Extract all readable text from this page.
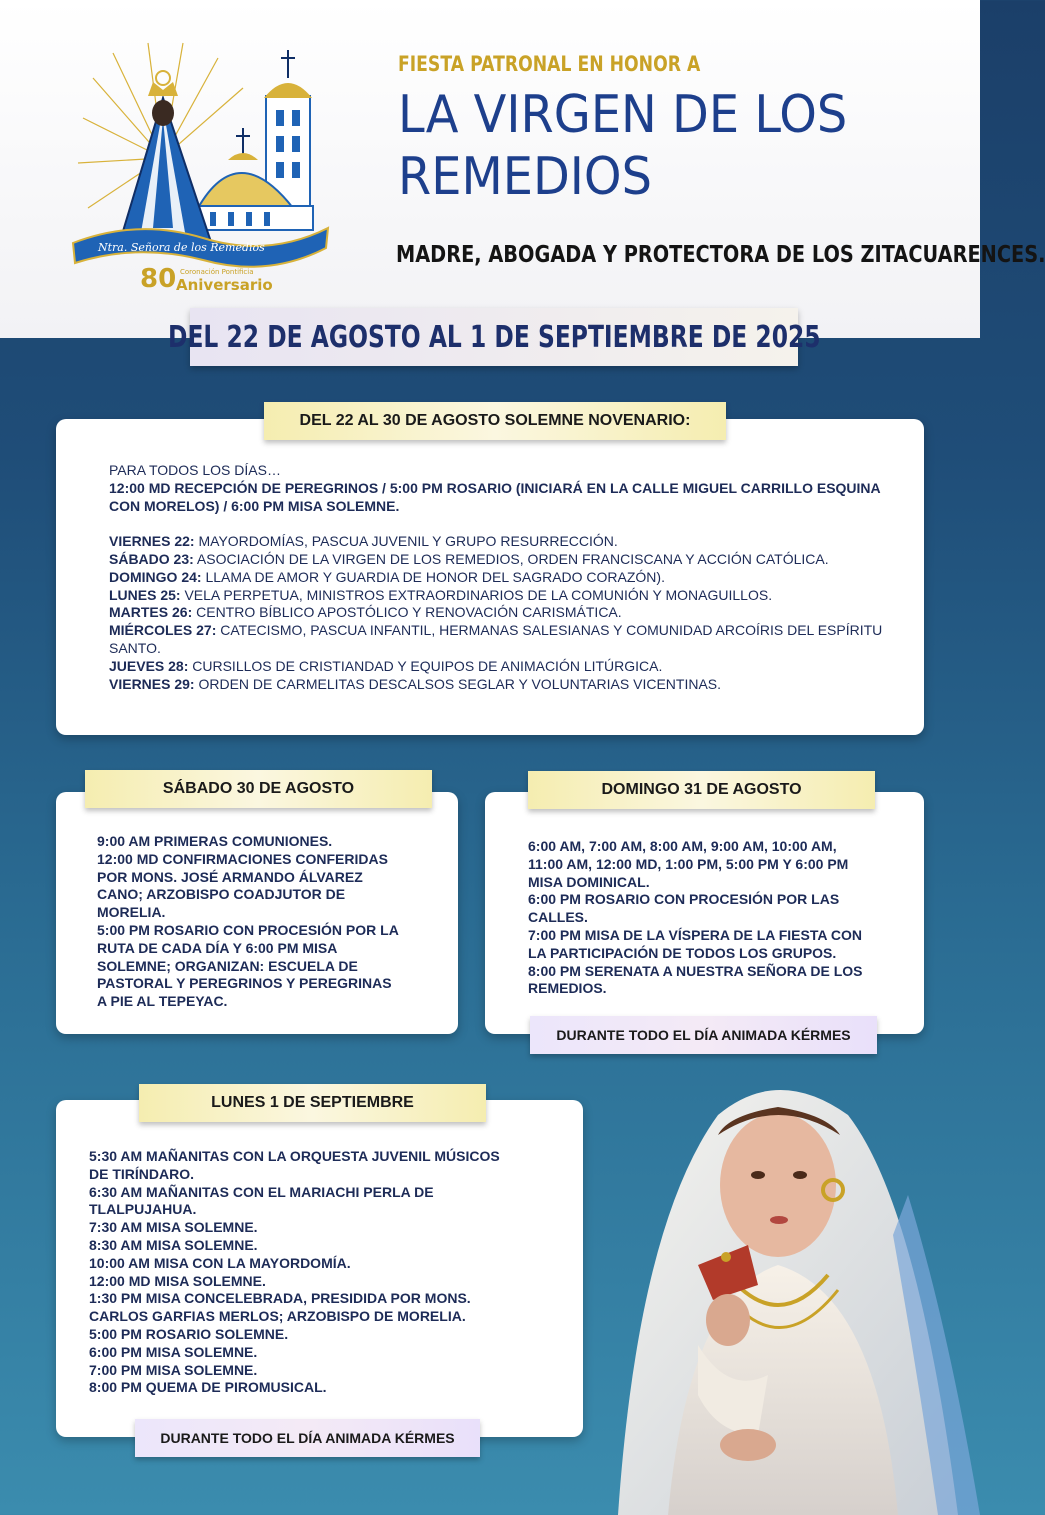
Ntra. Señora de los Remedios
80 Coronación Pontificia
Aniversario
FIESTA PATRONAL EN HONOR A
LA VIRGEN DE LOS
REMEDIOS
MADRE, ABOGADA Y PROTECTORA DE LOS ZITACUARENCES.
DEL 22 DE AGOSTO AL 1 DE SEPTIEMBRE DE 2025
DEL 22 AL 30 DE AGOSTO SOLEMNE NOVENARIO:

PARA TODOS LOS DÍAS…

12:00 MD RECEPCIÓN DE PEREGRINOS / 5:00 PM ROSARIO (INICIARÁ EN LA CALLE MIGUEL CARRILLO ESQUINA CON MORELOS) / 6:00 PM MISA SOLEMNE.

VIERNES 22: MAYORDOMÍAS, PASCUA JUVENIL Y GRUPO RESURRECCIÓN.

SÁBADO 23: ASOCIACIÓN DE LA VIRGEN DE LOS REMEDIOS, ORDEN FRANCISCANA Y ACCIÓN CATÓLICA.

DOMINGO 24: LLAMA DE AMOR Y GUARDIA DE HONOR DEL SAGRADO CORAZÓN).

LUNES 25: VELA PERPETUA, MINISTROS EXTRAORDINARIOS DE LA COMUNIÓN Y MONAGUILLOS.

MARTES 26: CENTRO BÍBLICO APOSTÓLICO Y RENOVACIÓN CARISMÁTICA.

MIÉRCOLES 27: CATECISMO, PASCUA INFANTIL, HERMANAS SALESIANAS Y COMUNIDAD ARCOÍRIS DEL ESPÍRITU SANTO.

JUEVES 28: CURSILLOS DE CRISTIANDAD Y EQUIPOS DE ANIMACIÓN LITÚRGICA.

VIERNES 29: ORDEN DE CARMELITAS DESCALSOS SEGLAR Y VOLUNTARIAS VICENTINAS.

SÁBADO 30 DE AGOSTO

9:00 AM PRIMERAS COMUNIONES.

12:00 MD CONFIRMACIONES CONFERIDAS

POR MONS. JOSÉ ARMANDO ÁLVAREZ

CANO; ARZOBISPO COADJUTOR DE

MORELIA.

5:00 PM ROSARIO CON PROCESIÓN POR LA

RUTA DE CADA DÍA Y 6:00 PM MISA

SOLEMNE; ORGANIZAN: ESCUELA DE

PASTORAL Y PEREGRINOS Y PEREGRINAS

A PIE AL TEPEYAC.

DOMINGO 31 DE AGOSTO

6:00 AM, 7:00 AM, 8:00 AM, 9:00 AM, 10:00 AM,

11:00 AM, 12:00 MD, 1:00 PM, 5:00 PM Y 6:00 PM

MISA DOMINICAL.

6:00 PM ROSARIO CON PROCESIÓN POR LAS

CALLES.

7:00 PM MISA DE LA VÍSPERA DE LA FIESTA CON

LA PARTICIPACIÓN DE TODOS LOS GRUPOS.

8:00 PM SERENATA A NUESTRA SEÑORA DE LOS

REMEDIOS.

DURANTE TODO EL DÍA ANIMADA KÉRMES
LUNES 1 DE SEPTIEMBRE

5:30 AM MAÑANITAS CON LA ORQUESTA JUVENIL MÚSICOS

DE TIRÍNDARO.

6:30 AM MAÑANITAS CON EL MARIACHI PERLA DE

TLALPUJAHUA.

7:30 AM MISA SOLEMNE.

8:30 AM MISA SOLEMNE.

10:00 AM MISA CON LA MAYORDOMÍA.

12:00 MD MISA SOLEMNE.

1:30 PM MISA CONCELEBRADA, PRESIDIDA POR MONS.

CARLOS GARFIAS MERLOS; ARZOBISPO DE MORELIA.

5:00 PM ROSARIO SOLEMNE.

6:00 PM MISA SOLEMNE.

7:00 PM MISA SOLEMNE.

8:00 PM QUEMA DE PIROMUSICAL.

DURANTE TODO EL DÍA ANIMADA KÉRMES
